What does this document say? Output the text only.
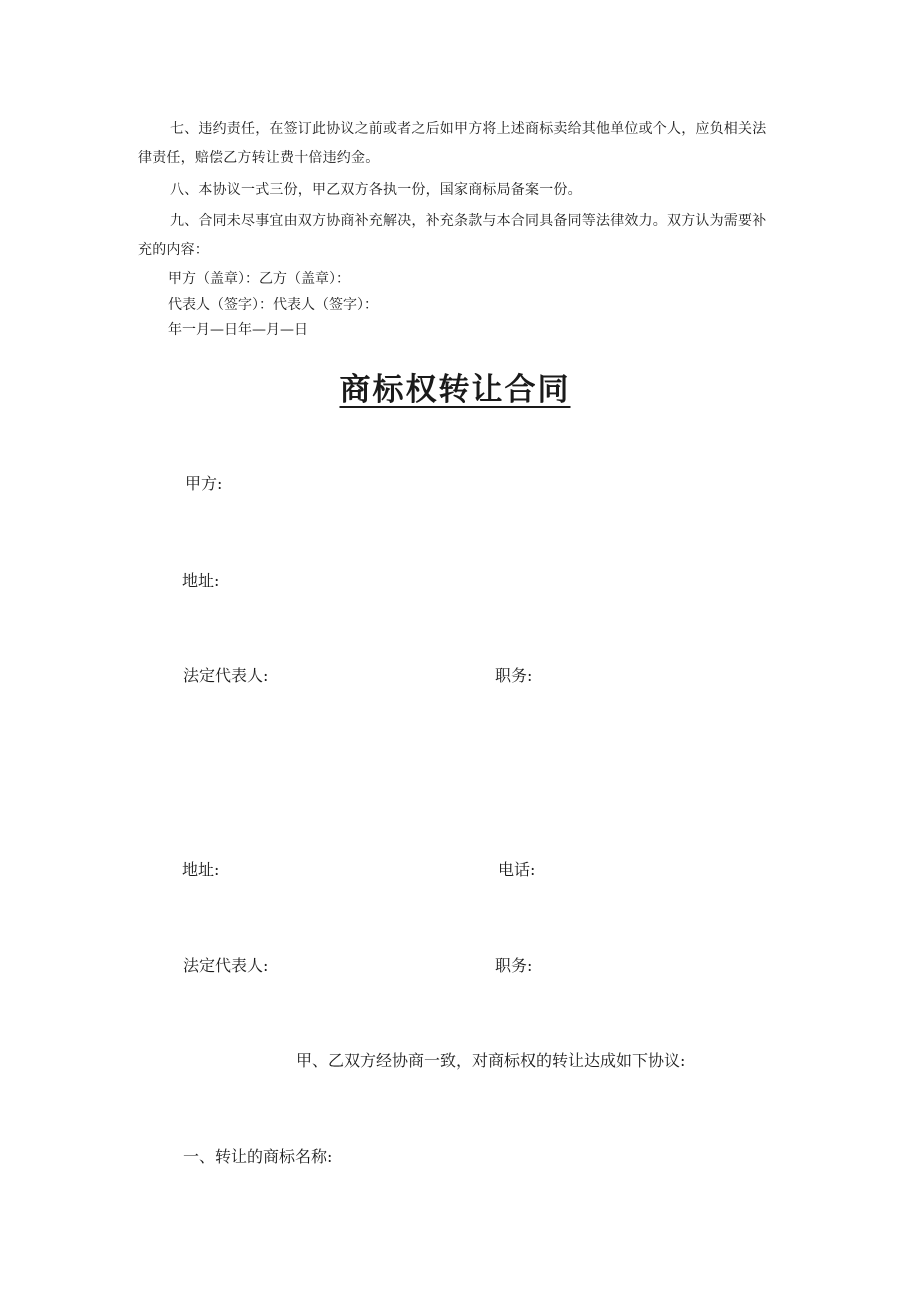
七、违约责任，在签订此协议之前或者之后如甲方将上述商标卖给其他单位或个人，应负相关法律责任，赔偿乙方转让费十倍违约金。

八、本协议一式三份，甲乙双方各执一份，国家商标局备案一份。

九、合同未尽事宜由双方协商补充解决，补充条款与本合同具备同等法律效力。双方认为需要补充的内容：

甲方（盖章）：乙方（盖章）：

代表人（签字）：代表人（签字）：

年一月—日年—月—日

商标权转让合同

甲方:

地址:

法定代表人:	职务:

地址:	电话:

法定代表人:	职务:

甲、乙双方经协商一致，对商标权的转让达成如下协议:

一、转让的商标名称:
